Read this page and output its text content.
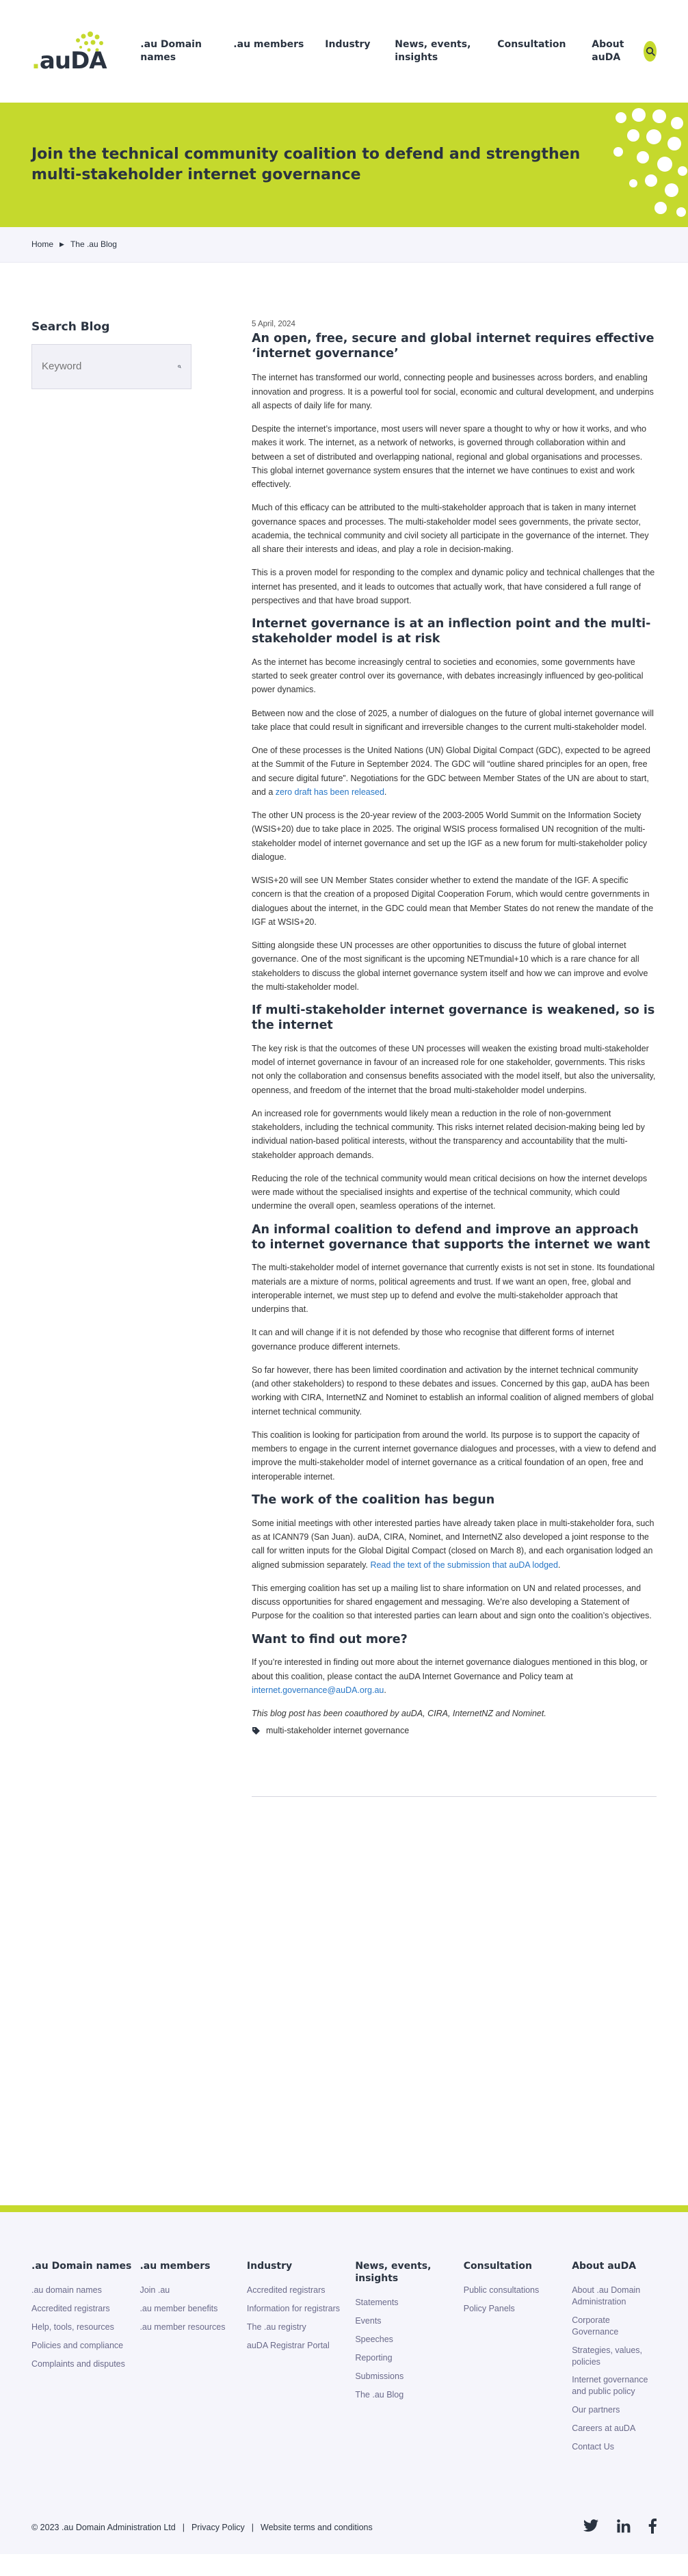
.auDA
.au Domain names
.au members	Industry	News, events, insights
Consultation	About auDA
Join the technical community coalition to defend and strengthen multi-stakeholder internet governance
Home ▶ The .au Blog
Search Blog
Keyword	5 April, 2024
An open, free, secure and global internet requires effective ‘internet governance’

The internet has transformed our world, connecting people and businesses across borders, and enabling innovation and progress. It is a powerful tool for social, economic and cultural development, and underpins all aspects of daily life for many.

Despite the internet’s importance, most users will never spare a thought to why or how it works, and who makes it work. The internet, as a network of networks, is governed through collaboration within and between a set of distributed and overlapping national, regional and global organisations and processes. This global internet governance system ensures that the internet we have continues to exist and work effectively.

Much of this efficacy can be attributed to the multi-stakeholder approach that is taken in many internet governance spaces and processes. The multi-stakeholder model sees governments, the private sector, academia, the technical community and civil society all participate in the governance of the internet. They all share their interests and ideas, and play a role in decision-making.

This is a proven model for responding to the complex and dynamic policy and technical challenges that the internet has presented, and it leads to outcomes that actually work, that have considered a full range of perspectives and that have broad support.

Internet governance is at an inflection point and the multi-stakeholder model is at risk

As the internet has become increasingly central to societies and economies, some governments have started to seek greater control over its governance, with debates increasingly influenced by geo-political power dynamics.

Between now and the close of 2025, a number of dialogues on the future of global internet governance will take place that could result in significant and irreversible changes to the current multi-stakeholder model.

One of these processes is the United Nations (UN) Global Digital Compact (GDC), expected to be agreed at the Summit of the Future in September 2024. The GDC will “outline shared principles for an open, free and secure digital future”. Negotiations for the GDC between Member States of the UN are about to start, and a zero draft has been released.

The other UN process is the 20-year review of the 2003-2005 World Summit on the Information Society (WSIS+20) due to take place in 2025. The original WSIS process formalised UN recognition of the multi-stakeholder model of internet governance and set up the IGF as a new forum for multi-stakeholder policy dialogue.

WSIS+20 will see UN Member States consider whether to extend the mandate of the IGF. A specific concern is that the creation of a proposed Digital Cooperation Forum, which would centre governments in dialogues about the internet, in the GDC could mean that Member States do not renew the mandate of the IGF at WSIS+20.

Sitting alongside these UN processes are other opportunities to discuss the future of global internet governance. One of the most significant is the upcoming NETmundial+10 which is a rare chance for all stakeholders to discuss the global internet governance system itself and how we can improve and evolve the multi-stakeholder model.

If multi-stakeholder internet governance is weakened, so is the internet

The key risk is that the outcomes of these UN processes will weaken the existing broad multi-stakeholder model of internet governance in favour of an increased role for one stakeholder, governments. This risks not only the collaboration and consensus benefits associated with the model itself, but also the universality, openness, and freedom of the internet that the broad multi-stakeholder model underpins.

An increased role for governments would likely mean a reduction in the role of non-government stakeholders, including the technical community. This risks internet related decision-making being led by individual nation-based political interests, without the transparency and accountability that the multi-stakeholder approach demands.

Reducing the role of the technical community would mean critical decisions on how the internet develops were made without the specialised insights and expertise of the technical community, which could undermine the overall open, seamless operations of the internet.

An informal coalition to defend and improve an approach to internet governance that supports the internet we want

The multi-stakeholder model of internet governance that currently exists is not set in stone. Its foundational materials are a mixture of norms, political agreements and trust. If we want an open, free, global and interoperable internet, we must step up to defend and evolve the multi-stakeholder approach that underpins that.

It can and will change if it is not defended by those who recognise that different forms of internet governance produce different internets.

So far however, there has been limited coordination and activation by the internet technical community (and other stakeholders) to respond to these debates and issues. Concerned by this gap, auDA has been working with CIRA, InternetNZ and Nominet to establish an informal coalition of aligned members of global internet technical community.

This coalition is looking for participation from around the world. Its purpose is to support the capacity of members to engage in the current internet governance dialogues and processes, with a view to defend and improve the multi-stakeholder model of internet governance as a critical foundation of an open, free and interoperable internet.

The work of the coalition has begun

Some initial meetings with other interested parties have already taken place in multi-stakeholder fora, such as at ICANN79 (San Juan). auDA, CIRA, Nominet, and InternetNZ also developed a joint response to the call for written inputs for the Global Digital Compact (closed on March 8), and each organisation lodged an aligned submission separately. Read the text of the submission that auDA lodged.

This emerging coalition has set up a mailing list to share information on UN and related processes, and discuss opportunities for shared engagement and messaging. We’re also developing a Statement of Purpose for the coalition so that interested parties can learn about and sign onto the coalition’s objectives.

Want to find out more?

If you’re interested in finding out more about the internet governance dialogues mentioned in this blog, or about this coalition, please contact the auDA Internet Governance and Policy team at internet.governance@auDA.org.au.

This blog post has been coauthored by auDA, CIRA, InternetNZ and Nominet.

multi-stakeholder internet governance
.au Domain names
.au domain names
Accredited registrars
Help, tools, resources
Policies and compliance
Complaints and disputes
.au members
Join .au
.au member benefits
.au member resources
Industry
Accredited registrars
Information for registrars
The .au registry
auDA Registrar Portal
News, events, insights
Statements
Events
Speeches
Reporting
Submissions
The .au Blog
Consultation
Public consultations
Policy Panels
About auDA
About .au Domain Administration
Corporate Governance
Strategies, values, policies
Internet governance and public policy
Our partners
Careers at auDA
Contact Us
© 2023 .au Domain Administration Ltd | Privacy Policy | Website terms and conditions
